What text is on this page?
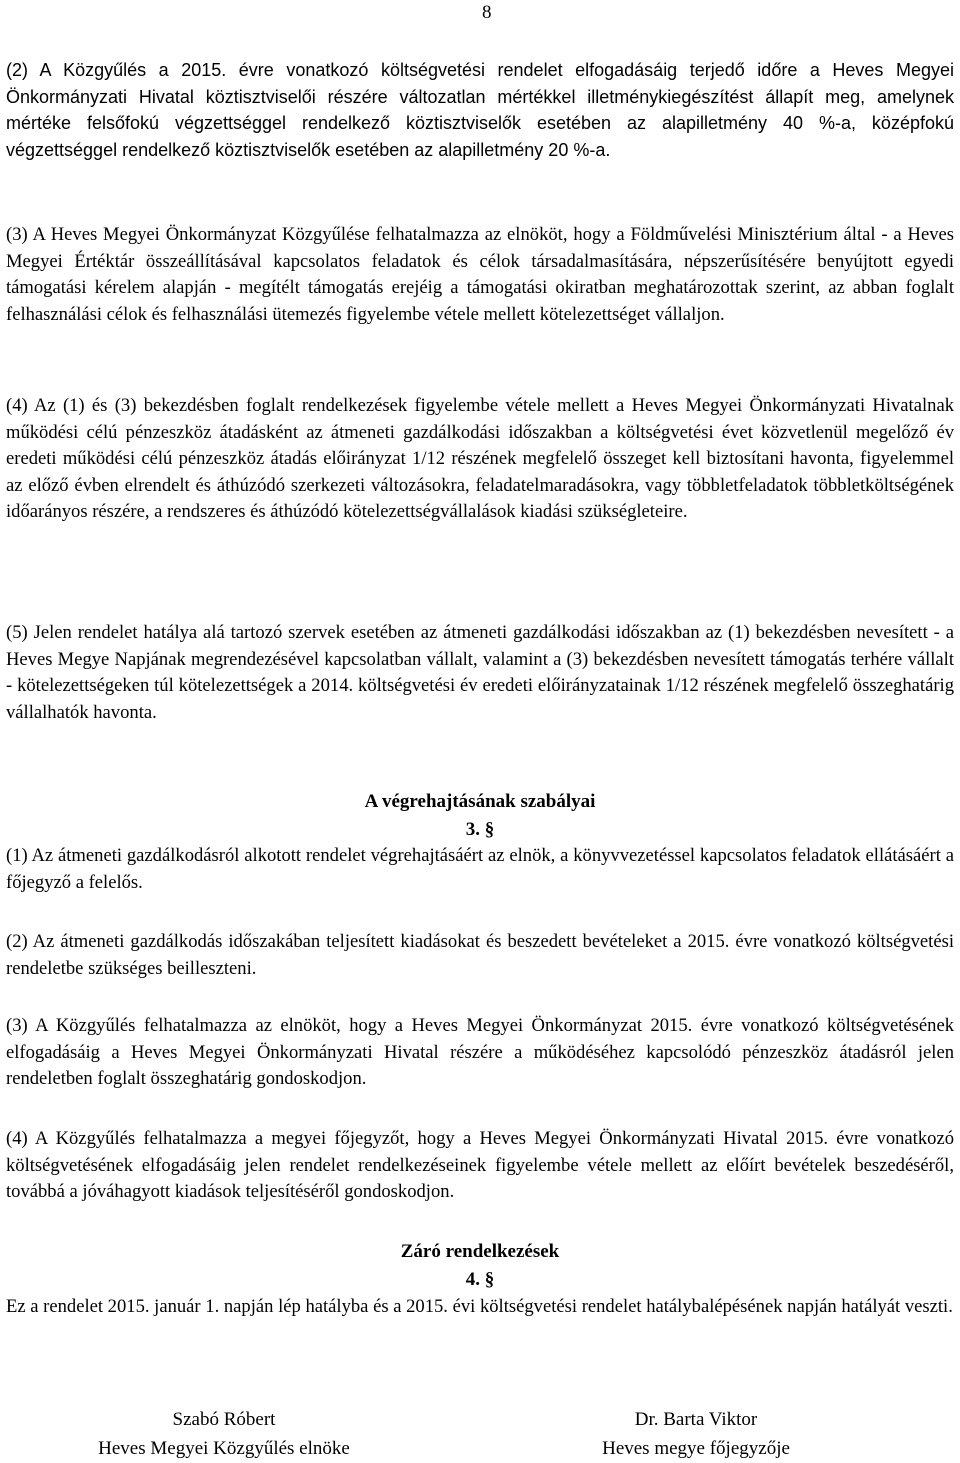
8

(2) A Közgyűlés a 2015. évre vonatkozó költségvetési rendelet elfogadásáig terjedő időre a Heves Megyei Önkormányzati Hivatal köztisztviselői részére változatlan mértékkel illetménykiegészítést állapít meg, amelynek mértéke felsőfokú végzettséggel rendelkező köztisztviselők esetében az alapilletmény 40 %-a, középfokú végzettséggel rendelkező köztisztviselők esetében az alapilletmény 20 %-a.

(3) A Heves Megyei Önkormányzat Közgyűlése felhatalmazza az elnököt, hogy a Földművelési Minisztérium által - a Heves Megyei Értéktár összeállításával kapcsolatos feladatok és célok társadalmasítására, népszerűsítésére benyújtott egyedi támogatási kérelem alapján - megítélt támogatás erejéig a támogatási okiratban meghatározottak szerint, az abban foglalt felhasználási célok és felhasználási ütemezés figyelembe vétele mellett kötelezettséget vállaljon.

(4) Az (1) és (3) bekezdésben foglalt rendelkezések figyelembe vétele mellett a Heves Megyei Önkormányzati Hivatalnak működési célú pénzeszköz átadásként az átmeneti gazdálkodási időszakban a költségvetési évet közvetlenül megelőző év eredeti működési célú pénzeszköz átadás előirányzat 1/12 részének megfelelő összeget kell biztosítani havonta, figyelemmel az előző évben elrendelt és áthúzódó szerkezeti változásokra, feladatelmaradásokra, vagy többletfeladatok többletköltségének időarányos részére, a rendszeres és áthúzódó kötelezettségvállalások kiadási szükségleteire.

(5) Jelen rendelet hatálya alá tartozó szervek esetében az átmeneti gazdálkodási időszakban az (1) bekezdésben nevesített - a Heves Megye Napjának megrendezésével kapcsolatban vállalt, valamint a (3) bekezdésben nevesített támogatás terhére vállalt - kötelezettségeken túl kötelezettségek a 2014. költségvetési év eredeti előirányzatainak 1/12 részének megfelelő összeghatárig vállalhatók havonta.

A végrehajtásának szabályai
3. §

(1) Az átmeneti gazdálkodásról alkotott rendelet végrehajtásáért az elnök, a könyvvezetéssel kapcsolatos feladatok ellátásáért a főjegyző a felelős.

(2) Az átmeneti gazdálkodás időszakában teljesített kiadásokat és beszedett bevételeket a 2015. évre vonatkozó költségvetési rendeletbe szükséges beilleszteni.

(3) A Közgyűlés felhatalmazza az elnököt, hogy a Heves Megyei Önkormányzat 2015. évre vonatkozó költségvetésének elfogadásáig a Heves Megyei Önkormányzati Hivatal részére a működéséhez kapcsolódó pénzeszköz átadásról jelen rendeletben foglalt összeghatárig gondoskodjon.

(4) A Közgyűlés felhatalmazza a megyei főjegyzőt, hogy a Heves Megyei Önkormányzati Hivatal 2015. évre vonatkozó költségvetésének elfogadásáig jelen rendelet rendelkezéseinek figyelembe vétele mellett az előírt bevételek beszedéséről, továbbá a jóváhagyott kiadások teljesítéséről gondoskodjon.

Záró rendelkezések
4. §

Ez a rendelet 2015. január 1. napján lép hatályba és a 2015. évi költségvetési rendelet hatálybalépésének napján hatályát veszti.

Szabó Róbert
Heves Megyei Közgyűlés elnöke
Dr. Barta Viktor
Heves megye főjegyzője
